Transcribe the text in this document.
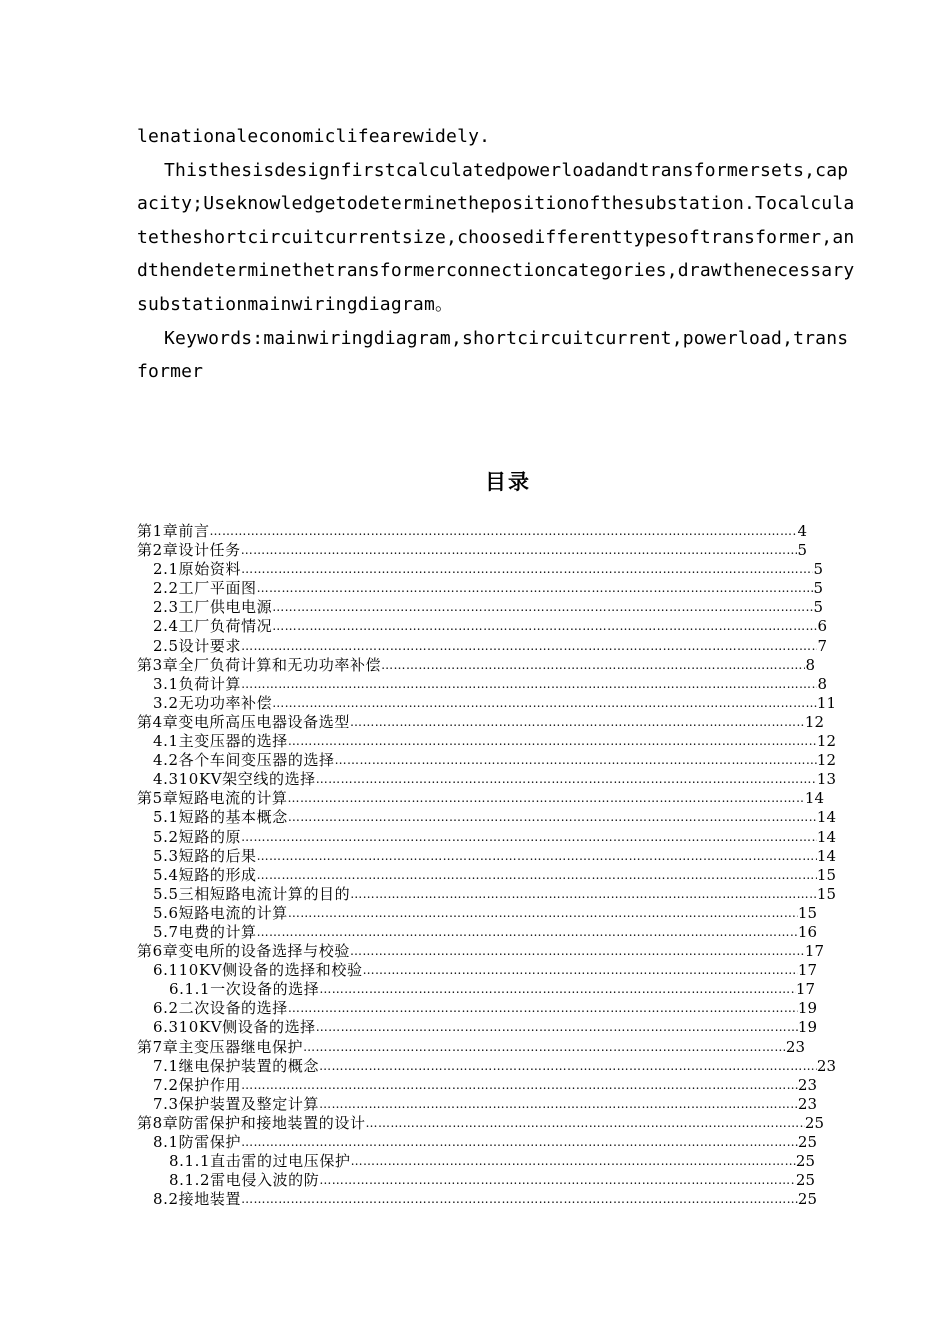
lenationaleconomiclifearewidely.

Thisthesisdesignfirstcalculatedpowerloadandtransformersets,capacity;Useknowledgetodeterminethepositionofthesubstation.Tocalculatetheshortcircuitcurrentsize,choosedifferenttypesoftransformer,andthendeterminethetransformerconnectioncategories,drawthenecessarysubstationmainwiringdiagram。

Keywords:mainwiringdiagram,shortcircuitcurrent,powerload,transformer

目录
第1章前言 ……………………………………………………………………………………………………………………………………………………………………………………………………………………	4
第2章设计任务 ……………………………………………………………………………………………………………………………………………………………………………………………………………………	5
2.1原始资料 ……………………………………………………………………………………………………………………………………………………………………………………………………………………	5
2.2工厂平面图 ……………………………………………………………………………………………………………………………………………………………………………………………………………………	5
2.3工厂供电电源 ……………………………………………………………………………………………………………………………………………………………………………………………………………………	5
2.4工厂负荷情况 ……………………………………………………………………………………………………………………………………………………………………………………………………………………	6
2.5设计要求 ……………………………………………………………………………………………………………………………………………………………………………………………………………………	7
第3章全厂负荷计算和无功功率补偿 ……………………………………………………………………………………………………………………………………………………………………………………………………………………	8
3.1负荷计算 ……………………………………………………………………………………………………………………………………………………………………………………………………………………	8
3.2无功功率补偿 ……………………………………………………………………………………………………………………………………………………………………………………………………………………	11
第4章变电所高压电器设备选型 ……………………………………………………………………………………………………………………………………………………………………………………………………………………	12
4.1主变压器的选择 ……………………………………………………………………………………………………………………………………………………………………………………………………………………	12
4.2各个车间变压器的选择 ……………………………………………………………………………………………………………………………………………………………………………………………………………………	12
4.310KV架空线的选择 ……………………………………………………………………………………………………………………………………………………………………………………………………………………	13
第5章短路电流的计算 ……………………………………………………………………………………………………………………………………………………………………………………………………………………	14
5.1短路的基本概念 ……………………………………………………………………………………………………………………………………………………………………………………………………………………	14
5.2短路的原 ……………………………………………………………………………………………………………………………………………………………………………………………………………………	14
5.3短路的后果 ……………………………………………………………………………………………………………………………………………………………………………………………………………………	14
5.4短路的形成 ……………………………………………………………………………………………………………………………………………………………………………………………………………………	15
5.5三相短路电流计算的目的 ……………………………………………………………………………………………………………………………………………………………………………………………………………………	15
5.6短路电流的计算 ……………………………………………………………………………………………………………………………………………………………………………………………………………………	15
5.7电费的计算 ……………………………………………………………………………………………………………………………………………………………………………………………………………………	16
第6章变电所的设备选择与校验 ……………………………………………………………………………………………………………………………………………………………………………………………………………………	17
6.110KV侧设备的选择和校验 ……………………………………………………………………………………………………………………………………………………………………………………………………………………	17
6.1.1一次设备的选择 ……………………………………………………………………………………………………………………………………………………………………………………………………………………	17
6.2二次设备的选择 ……………………………………………………………………………………………………………………………………………………………………………………………………………………	19
6.310KV侧设备的选择 ……………………………………………………………………………………………………………………………………………………………………………………………………………………	19
第7章主变压器继电保护 ……………………………………………………………………………………………………………………………………………………………………………………………………………………	23
7.1继电保护装置的概念 ……………………………………………………………………………………………………………………………………………………………………………………………………………………	23
7.2保护作用 ……………………………………………………………………………………………………………………………………………………………………………………………………………………	23
7.3保护装置及整定计算 ……………………………………………………………………………………………………………………………………………………………………………………………………………………	23
第8章防雷保护和接地装置的设计 ……………………………………………………………………………………………………………………………………………………………………………………………………………………	25
8.1防雷保护 ……………………………………………………………………………………………………………………………………………………………………………………………………………………	25
8.1.1直击雷的过电压保护 ……………………………………………………………………………………………………………………………………………………………………………………………………………………	25
8.1.2雷电侵入波的防 ……………………………………………………………………………………………………………………………………………………………………………………………………………………	25
8.2接地装置 ……………………………………………………………………………………………………………………………………………………………………………………………………………………	25
